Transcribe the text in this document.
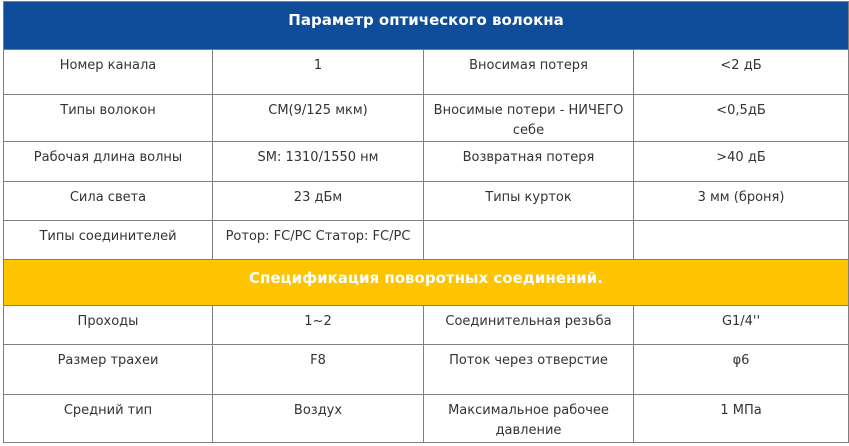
Параметр оптического волокна			
Номер канала	1	Вносимая потеря	<2 дБ
Типы волокон	СМ(9/125 мкм)	Вносимые потери - НИЧЕГО себе	<0,5дБ
Рабочая длина волны	SM: 1310/1550 нм	Возвратная потеря	>40 дБ
Сила света	23 дБм	Типы курток	3 мм (броня)
Типы соединителей	Ротор: FC/PC Статор: FC/PC		
Спецификация поворотных соединений.			
Проходы	1~2	Соединительная резьба	G1/4''
Размер трахеи	F8	Поток через отверстие	φ6
Средний тип	Воздух	Максимальное рабочее давление	1 МПа
